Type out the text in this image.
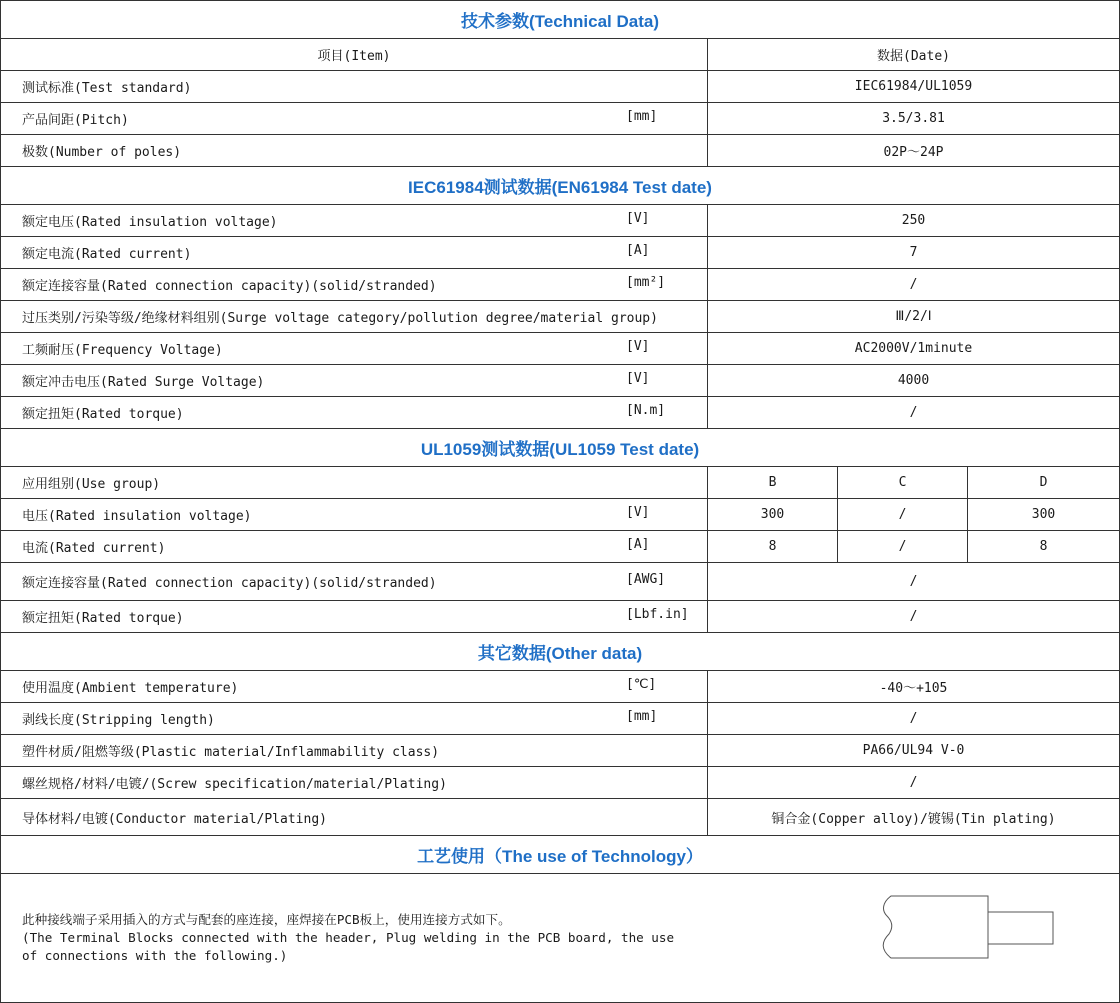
技术参数(Technical Data)			
项目(Item)	数据(Date)		
测试标准(Test standard)	IEC61984/UL1059		
产品间距(Pitch) [mm]	3.5/3.81		
极数(Number of poles)	02P～24P		
IEC61984测试数据(EN61984 Test date)			
额定电压(Rated insulation voltage) [V]	250		
额定电流(Rated current) [A]	7		
额定连接容量(Rated connection capacity)(solid/stranded) [mm²]	/		
过压类别/污染等级/绝缘材料组别(Surge voltage category/pollution degree/material group)	Ⅲ/2/Ⅰ		
工频耐压(Frequency Voltage) [V]	AC2000V/1minute		
额定冲击电压(Rated Surge Voltage) [V]	4000		
额定扭矩(Rated torque) [N.m]	/		
UL1059测试数据(UL1059 Test date)			
应用组别(Use group)	B	C	D
电压(Rated insulation voltage) [V]	300	/	300
电流(Rated current) [A]	8	/	8
额定连接容量(Rated connection capacity)(solid/stranded) [AWG]	/		
额定扭矩(Rated torque) [Lbf.in]	/		
其它数据(Other data)			
使用温度(Ambient temperature) [℃]	-40～+105		
剥线长度(Stripping length) [mm]	/		
塑件材质/阻燃等级(Plastic material/Inflammability class)	PA66/UL94 V-0		
螺丝规格/材料/电镀/(Screw specification/material/Plating)	/		
导体材料/电镀(Conductor material/Plating)	铜合金(Copper alloy)/镀锡(Tin plating)		
工艺使用（The use of Technology）			

此种接线端子采用插入的方式与配套的座连接，座焊接在PCB板上，使用连接方式如下。
(The Terminal Blocks connected with the header, Plug welding in the PCB board, the use
of connections with the following.)			
